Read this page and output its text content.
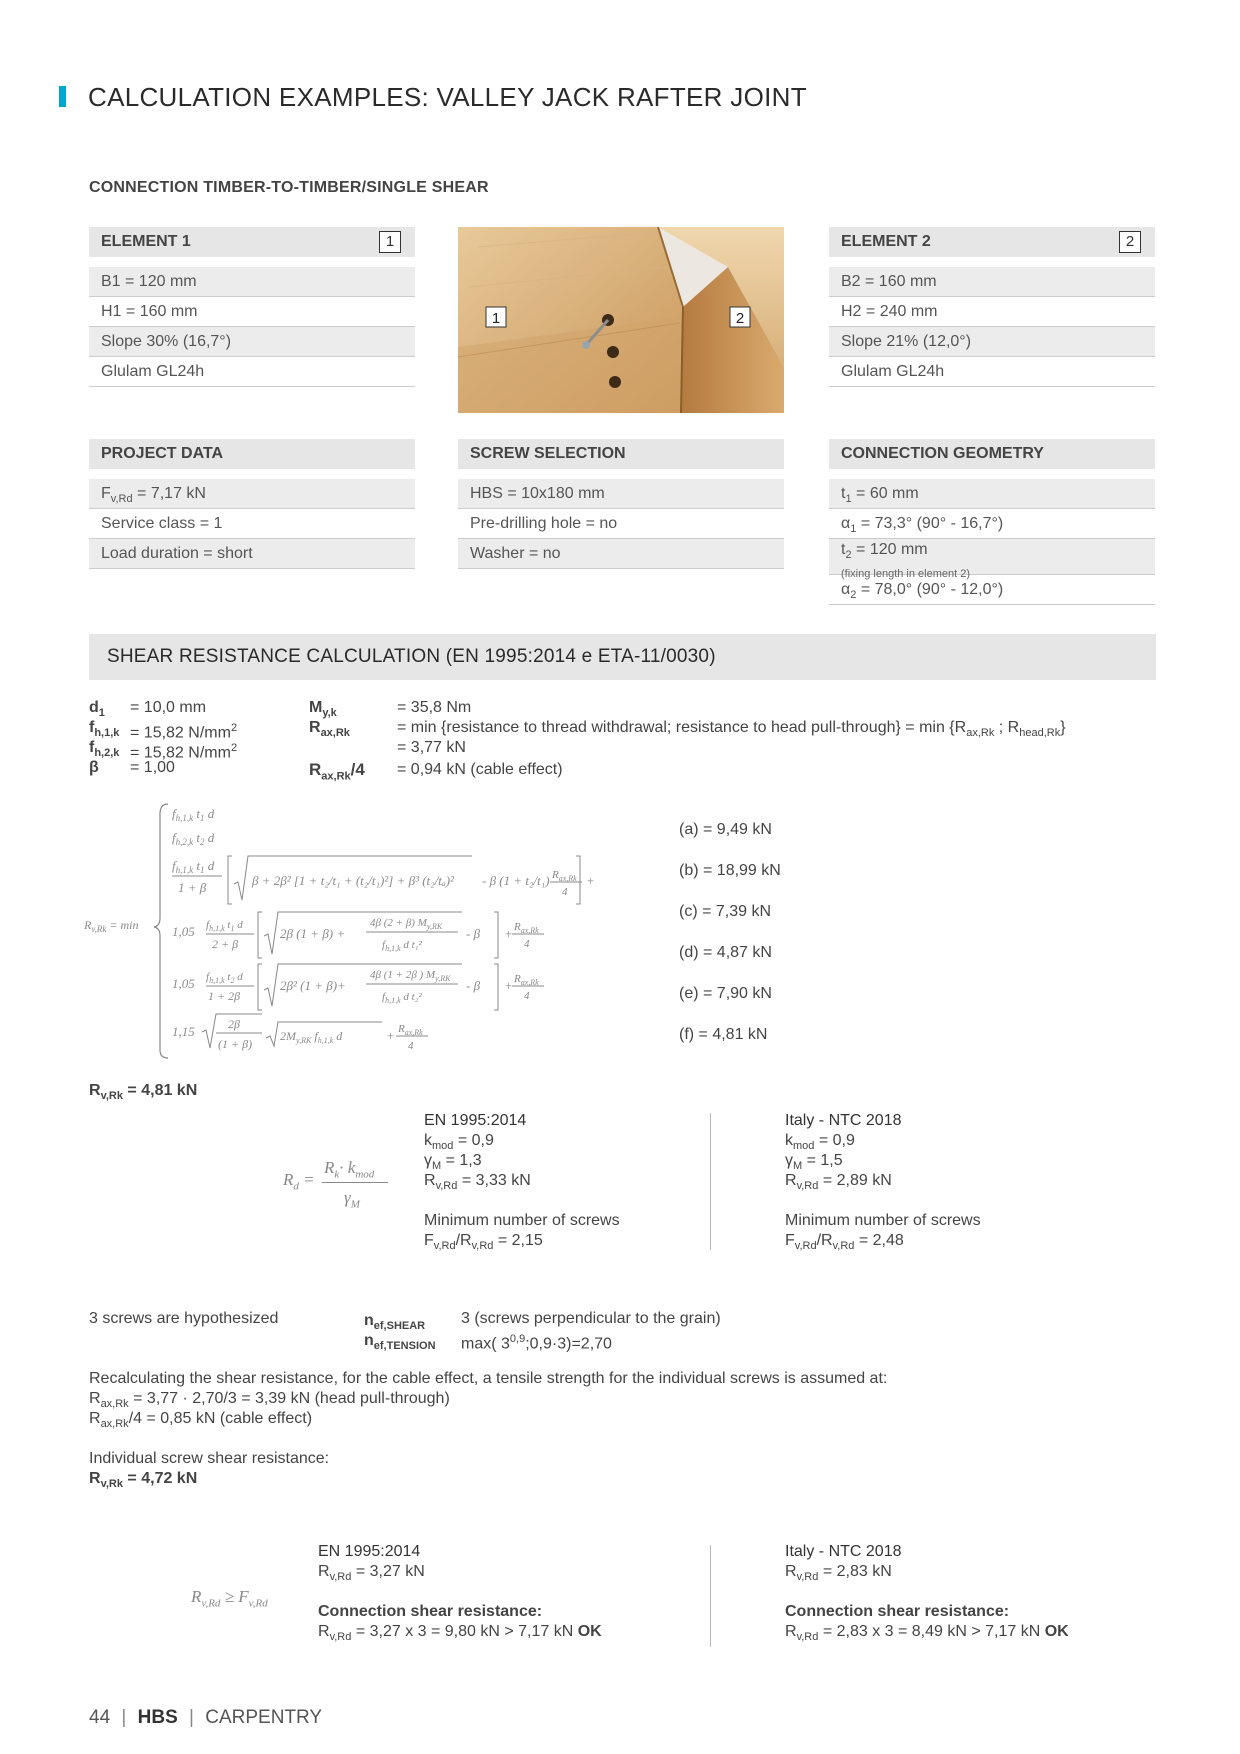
CALCULATION EXAMPLES: VALLEY JACK RAFTER JOINT
CONNECTION TIMBER-TO-TIMBER/SINGLE SHEAR
ELEMENT 1	1
B1 = 120 mm
H1 = 160 mm
Slope 30% (16,7°)
Glulam GL24h
1	2
ELEMENT 2	2
B2 = 160 mm
H2 = 240 mm
Slope 21% (12,0°)
Glulam GL24h
PROJECT DATA
$F_{v,Rd} = 7,17$ kN
Service class = 1
Load duration = short
SCREW SELECTION
HBS = 10x180 mm
Pre-drilling hole = no
Washer = no
CONNECTION GEOMETRY
$t_1 = 60$ mm
$\alpha_1 = 73,3^\circ$ (90° - 16,7°)
$t_2 = 120$ mm
(fixing length in element 2)
$\alpha_2 = 78,0^\circ$ (90° - 12,0°)
SHEAR RESISTANCE CALCULATION (EN 1995:2014 e ETA-11/0030)
$d_1 = 10,0$ mm
$f_{h,1,k} = 15,82$ $N/mm^2$
$f_{h,2,k} = 15,82$ $N/mm^2$
β = 1,00
$M_{y,k}$	= 35,8 Nm
$R_{ax,Rk}$	= min {resistance to thread withdrawal; resistance to head pull-through} = $\min \{R_{ax,Rk}$ ; $R_{head,Rk}$}
= 3,77 kN
$R_{ax,Rk}/4 = 0,94$ kN (cable effect)
$R_{v,Rk} = \min$
$f_{h,1,k}$ $t_1$ d
$f_{h,2,k}$ $t_2$ d
$f_{h,1,k}$ $t_1$ d
1 + β	β + 2β² [1 + t₂/t₁ + (t₂/t₁)²] + β³ (t₂/tₐ)² - β (1 + t₂/t₁)	+
1,05 $f_{h,1,k}$ $t_1$ d
2 + β
2β (1 + β) +
4β (2 + β) $M_{y,RK}$
$f_{h,1,k}$ d t₁²
- β +
1,05 $f_{h,1,k}$ $t_2$ d
1 + 2β
2β² (1 + β)+
4β (1 + 2β ) $M_{y,RK}$
$f_{h,1,k}$ d t₂²
- β +
1,15	2β
(1 + β)
$2M_{y,RK}$ $f_{h,1,k}$ d	+
$R_{ax,Rk}$
4
$R_{ax,Rk}$
4
$R_{ax,Rk}$
4
$R_{ax,Rk}$
4
(a) = 9,49 kN
(b) = 18,99 kN
(c) = 7,39 kN
(d) = 4,87 kN
(e) = 7,90 kN
(f) = 4,81 kN
$R_{v,Rk} = 4,81$ kN
$R_k\cdot k_{mod}$
$\gamma_M$
$R_d$ =
EN 1995:2014
$k_{mod} = 0,9$
$\gamma_M = 1,3$
$R_{v,Rd} = 3,33$ kN
Minimum number of screws
$F_{v,Rd}/R_{v,Rd} = 2,15$
Italy - NTC 2018
$k_{mod} = 0,9$
$\gamma_M = 1,5$
$R_{v,Rd} = 2,89$ kN
Minimum number of screws
$F_{v,Rd}/R_{v,Rd} = 2,48$
3 screws are hypothesized	$n_{ef,SHEAR}$ 3 (screws perpendicular to the grain)
$n_{ef,TENSION}$ max( $3^{0,9};0,9\cdot 3)=2,70$
Recalculating the shear resistance, for the cable effect, a tensile strength for the individual screws is assumed at:
$R_{ax,Rk} = 3,77 \cdot 2,70/3 = 3,39$ kN (head pull-through)
$R_{ax,Rk}/4 = 0,85$ kN (cable effect)
Individual screw shear resistance:
$R_{v,Rk} = 4,72$ kN
$R_{v,Rd} \ge F_{v,Rd}$
EN 1995:2014
$R_{v,Rd} = 3,27$ kN
Connection shear resistance:
$R_{v,Rd} = 3,27$ x 3 = 9,80 kN > 7,17 kN OK
Italy - NTC 2018
$R_{v,Rd} = 2,83$ kN
Connection shear resistance:
$R_{v,Rd} = 2,83$ x 3 = 8,49 kN > 7,17 kN OK
44 | HBS | CARPENTRY
